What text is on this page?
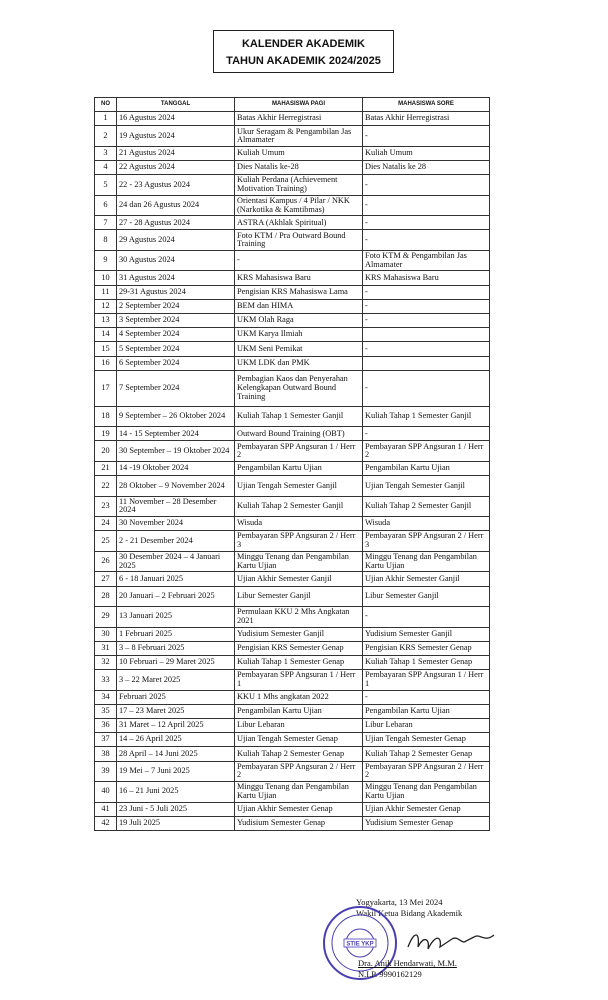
KALENDER AKADEMIK
TAHUN AKADEMIK 2024/2025
NO	TANGGAL	MAHASISWA PAGI	MAHASISWA SORE
1	16 Agustus 2024	Batas Akhir Herregistrasi	Batas Akhir Herregistrasi
2	19 Agustus 2024	Ukur Seragam & Pengambilan Jas Almamater	-
3	21 Agustus 2024	Kuliah Umum	Kuliah Umum
4	22 Agustus 2024	Dies Natalis ke-28	Dies Natalis ke 28
5	22 - 23 Agustus 2024	Kuliah Perdana (Achievement Motivation Training)	-
6	24 dan 26 Agustus 2024	Orientasi Kampus / 4 Pilar / NKK (Narkotika & Kamtibmas)	-
7	27 - 28 Agustus 2024	ASTRA (Akhlak Spiritual)	-
8	29 Agustus 2024	Foto KTM / Pra Outward Bound Training	-
9	30 Agustus 2024	-	Foto KTM & Pengambilan Jas Almamater
10	31 Agustus 2024	KRS Mahasiswa Baru	KRS Mahasiswa Baru
11	29-31 Agustus 2024	Pengisian KRS Mahasiswa Lama	-
12	2 September 2024	BEM dan HIMA	-
13	3 September 2024	UKM Olah Raga	-
14	4 September 2024	UKM Karya Ilmiah	
15	5 September 2024	UKM Seni Pemikat	-
16	6 September 2024	UKM LDK dan PMK	
17	7 September 2024	Pembagian Kaos dan Penyerahan Kelengkapan Outward Bound Training	-
18	9 September – 26 Oktober 2024	Kuliah Tahap 1 Semester Ganjil	Kuliah Tahap 1 Semester Ganjil
19	14 - 15 September 2024	Outward Bound Training (OBT)	-
20	30 September – 19 Oktober 2024	Pembayaran SPP Angsuran 1 / Herr 2	Pembayaran SPP Angsuran 1 / Herr 2
21	14 -19 Oktober 2024	Pengambilan Kartu Ujian	Pengambilan Kartu Ujian
22	28 Oktober – 9 November 2024	Ujian Tengah Semester Ganjil	Ujian Tengah Semester Ganjil
23	11 November – 28 Desember 2024	Kuliah Tahap 2 Semester Ganjil	Kuliah Tahap 2 Semester Ganjil
24	30 November 2024	Wisuda	Wisuda
25	2 - 21 Desember 2024	Pembayaran SPP Angsuran 2 / Herr 3	Pembayaran SPP Angsuran 2 / Herr 3
26	30 Desember 2024 – 4 Januari 2025	Minggu Tenang dan Pengambilan Kartu Ujian	Minggu Tenang dan Pengambilan Kartu Ujian
27	6 - 18 Januari 2025	Ujian Akhir Semester Ganjil	Ujian Akhir Semester Ganjil
28	20 Januari – 2 Februari 2025	Libur Semester Ganjil	Libur Semester Ganjil
29	13 Januari 2025	Permulaan KKU 2 Mhs Angkatan 2021	-
30	1 Februari 2025	Yudisium Semester Ganjil	Yudisium Semester Ganjil
31	3 – 8 Februari 2025	Pengisian KRS Semester Genap	Pengisian KRS Semester Genap
32	10 Februari – 29 Maret 2025	Kuliah Tahap 1 Semester Genap	Kuliah Tahap 1 Semester Genap
33	3 – 22 Maret 2025	Pembayaran SPP Angsuran 1 / Herr 1	Pembayaran SPP Angsuran 1 / Herr 1
34	Februari 2025	KKU 1 Mhs angkatan 2022	-
35	17 – 23 Maret 2025	Pengambilan Kartu Ujian	Pengambilan Kartu Ujian
36	31 Maret – 12 April 2025	Libur Lebaran	Libur Lebaran
37	14 – 26 April 2025	Ujian Tengah Semester Genap	Ujian Tengah Semester Genap
38	28 April – 14 Juni 2025	Kuliah Tahap 2 Semester Genap	Kuliah Tahap 2 Semester Genap
39	19 Mei – 7 Juni 2025	Pembayaran SPP Angsuran 2 / Herr 2	Pembayaran SPP Angsuran 2 / Herr 2
40	16 – 21 Juni 2025	Minggu Tenang dan Pengambilan Kartu Ujian	Minggu Tenang dan Pengambilan Kartu Ujian
41	23 Juni - 5 Juli 2025	Ujian Akhir Semester Genap	Ujian Akhir Semester Genap
42	19 Juli 2025	Yudisium Semester Genap	Yudisium Semester Genap
Yogyakarta, 13 Mei 2024
Wakil Ketua Bidang Akademik
STIE YKP
Dra. Anik Hendarwati, M.M.
N.I.P. 9990162129
